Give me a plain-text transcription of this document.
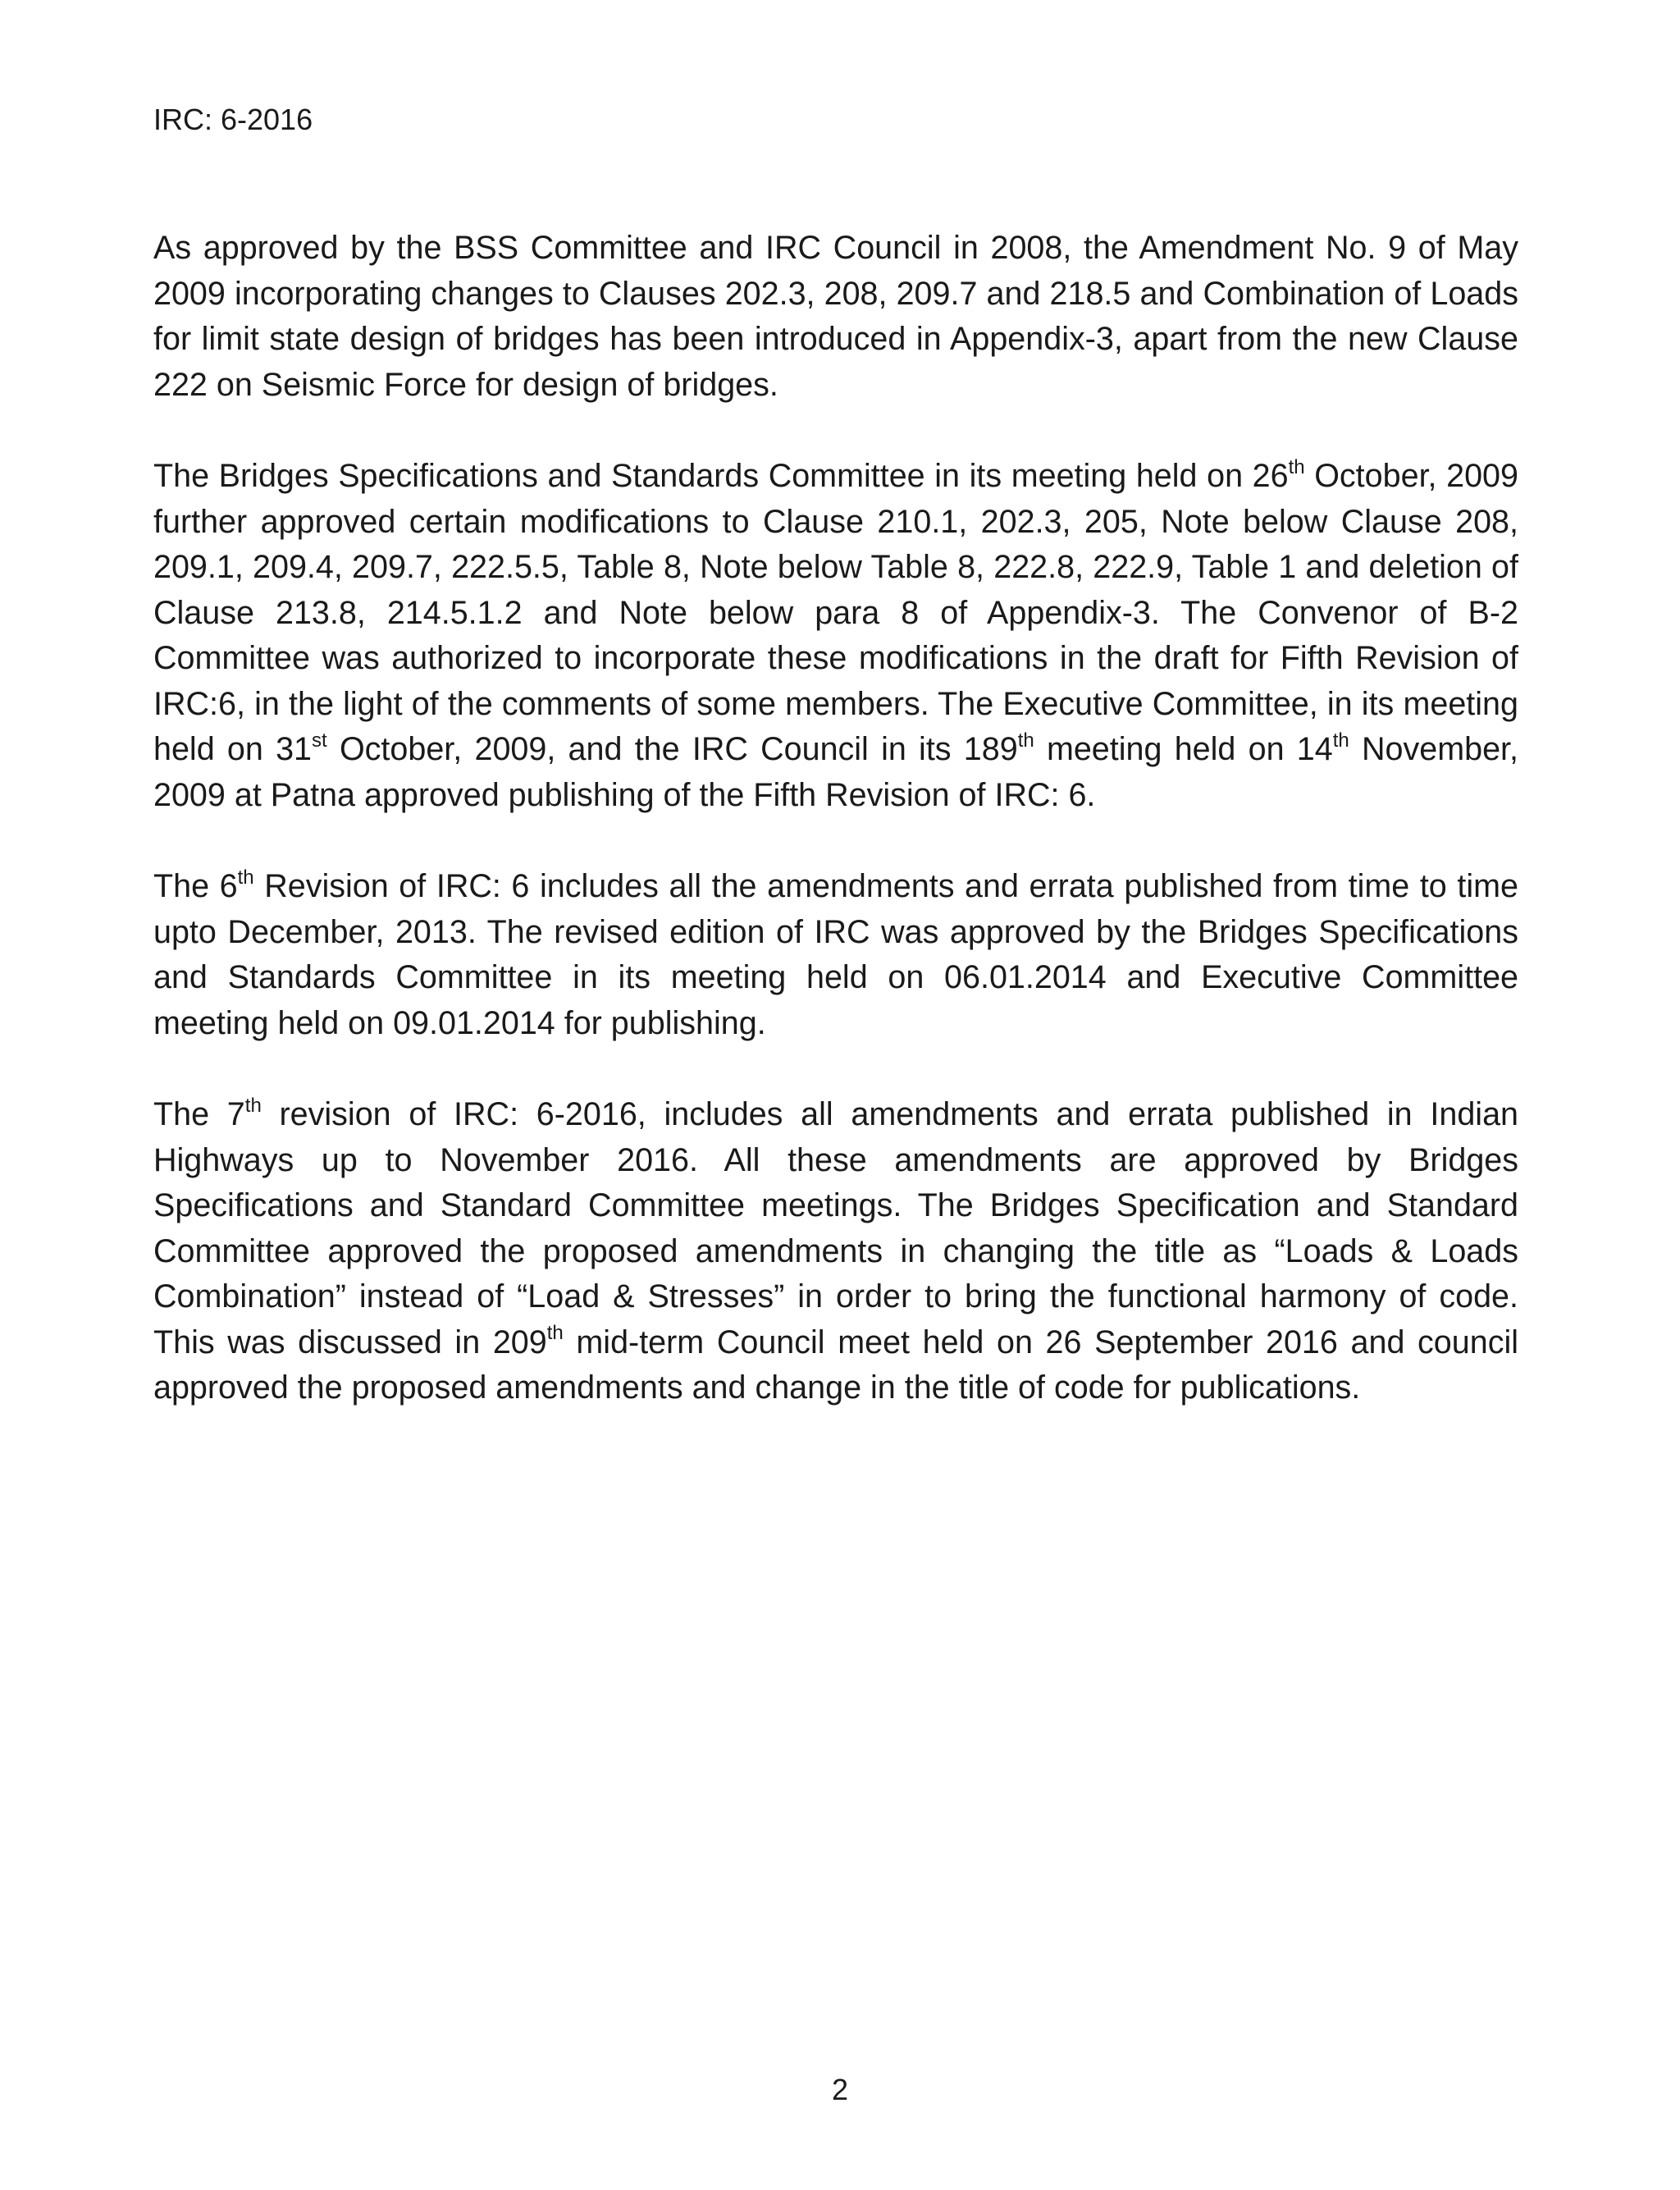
IRC: 6-2016

As approved by the BSS Committee and IRC Council in 2008, the Amendment No. 9 of May 2009 incorporating changes to Clauses 202.3, 208, 209.7 and 218.5 and Combination of Loads for limit state design of bridges has been introduced in Appendix-3, apart from the new Clause 222 on Seismic Force for design of bridges.

The Bridges Specifications and Standards Committee in its meeting held on 26th October, 2009 further approved certain modifications to Clause 210.1, 202.3, 205, Note below Clause 208, 209.1, 209.4, 209.7, 222.5.5, Table 8, Note below Table 8, 222.8, 222.9, Table 1 and deletion of Clause 213.8, 214.5.1.2 and Note below para 8 of Appendix-3. The Convenor of B-2 Committee was authorized to incorporate these modifications in the draft for Fifth Revision of IRC:6, in the light of the comments of some members. The Executive Committee, in its meeting held on 31st October, 2009, and the IRC Council in its 189th meeting held on 14th November, 2009 at Patna approved publishing of the Fifth Revision of IRC: 6.

The 6th Revision of IRC: 6 includes all the amendments and errata published from time to time upto December, 2013. The revised edition of IRC was approved by the Bridges Specifications and Standards Committee in its meeting held on 06.01.2014 and Executive Committee meeting held on 09.01.2014 for publishing.

The 7th revision of IRC: 6-2016, includes all amendments and errata published in Indian Highways up to November 2016. All these amendments are approved by Bridges Specifications and Standard Committee meetings. The Bridges Specification and Standard Committee approved the proposed amendments in changing the title as “Loads & Loads Combination” instead of “Load & Stresses” in order to bring the functional harmony of code. This was discussed in 209th mid-term Council meet held on 26 September 2016 and council approved the proposed amendments and change in the title of code for publications.

2
